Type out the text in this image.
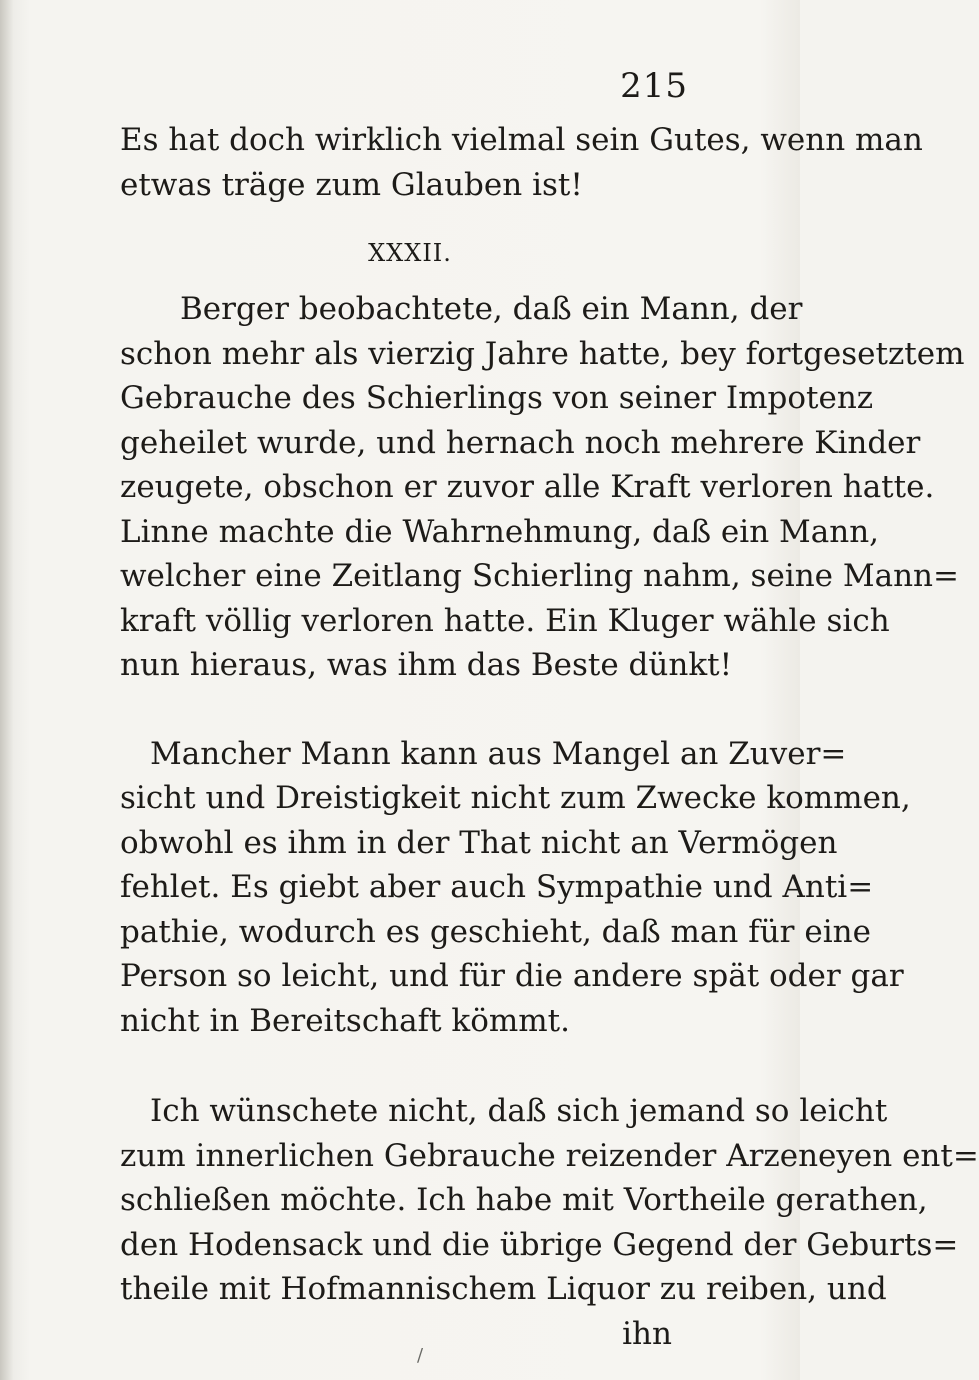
215
Es hat doch wirklich vielmal sein Gutes, wenn man
etwas träge zum Glauben ist!
XXXII.
Berger beobachtete, daß ein Mann, der
schon mehr als vierzig Jahre hatte, bey fortgesetztem
Gebrauche des Schierlings von seiner Impotenz
geheilet wurde, und hernach noch mehrere Kinder
zeugete, obschon er zuvor alle Kraft verloren hatte.
Linne machte die Wahrnehmung, daß ein Mann,
welcher eine Zeitlang Schierling nahm, seine Mann=
kraft völlig verloren hatte. Ein Kluger wähle sich
nun hieraus, was ihm das Beste dünkt!
Mancher Mann kann aus Mangel an Zuver=
sicht und Dreistigkeit nicht zum Zwecke kommen,
obwohl es ihm in der That nicht an Vermögen
fehlet. Es giebt aber auch Sympathie und Anti=
pathie, wodurch es geschieht, daß man für eine
Person so leicht, und für die andere spät oder gar
nicht in Bereitschaft kömmt.
Ich wünschete nicht, daß sich jemand so leicht
zum innerlichen Gebrauche reizender Arzeneyen ent=
schließen möchte. Ich habe mit Vortheile gerathen,
den Hodensack und die übrige Gegend der Geburts=
theile mit Hofmannischem Liquor zu reiben, und
ihn
/
